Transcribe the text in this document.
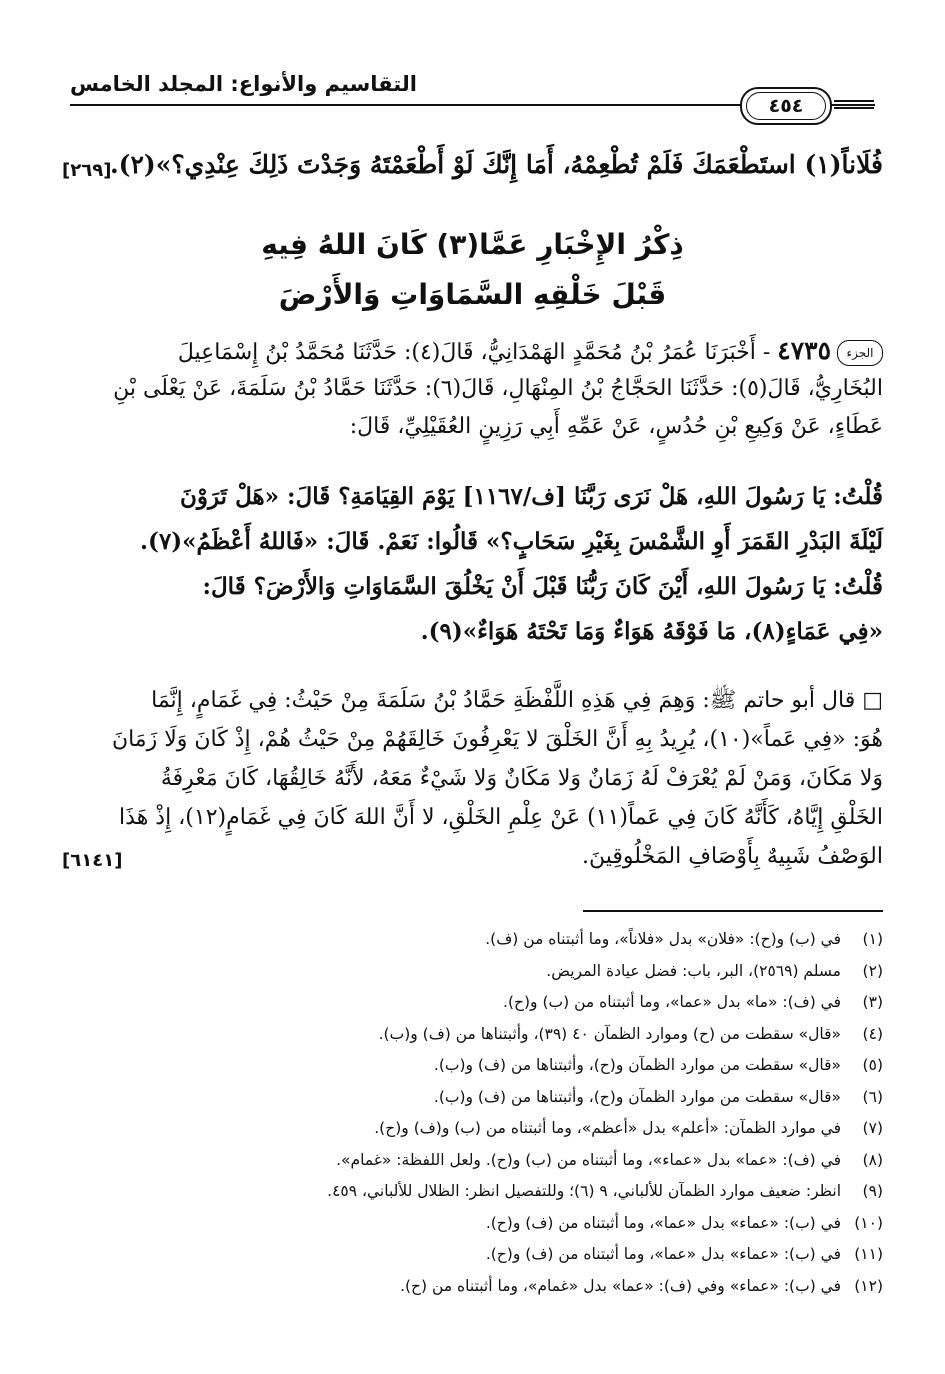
التقاسيم والأنواع: المجلد الخامس
٤٥٤
فُلَاناً(١) استَطْعَمَكَ فَلَمْ تُطْعِمْهُ، أَمَا إِنَّكَ لَوْ أَطْعَمْتَهُ وَجَدْتَ ذَلِكَ عِنْدِي؟»(٢).
[٢٦٩]
ذِكْرُ الإِخْبَارِ عَمَّا(٣) كَانَ اللهُ فِيهِ
قَبْلَ خَلْقِهِ السَّمَاوَاتِ وَالأَرْضَ
الجزء٤٧٣٥ - أَخْبَرَنَا عُمَرُ بْنُ مُحَمَّدٍ الهَمْدَانِيُّ، قَالَ(٤): حَدَّثَنَا مُحَمَّدُ بْنُ إِسْمَاعِيلَ
البُخَارِيُّ، قَالَ(٥): حَدَّثَنَا الحَجَّاجُ بْنُ المِنْهَالِ، قَالَ(٦): حَدَّثَنَا حَمَّادُ بْنُ سَلَمَةَ، عَنْ يَعْلَى بْنِ
عَطَاءٍ، عَنْ وَكِيعِ بْنِ حُدُسٍ، عَنْ عَمِّهِ أَبِي رَزِينٍ العُقَيْلِيِّ، قَالَ:
قُلْتُ: يَا رَسُولَ اللهِ، هَلْ نَرَى رَبَّنَا [ف/١١٦٧] يَوْمَ القِيَامَةِ؟ قَالَ: «هَلْ تَرَوْنَ
لَيْلَةَ البَدْرِ القَمَرَ أَوِ الشَّمْسَ بِغَيْرِ سَحَابٍ؟» قَالُوا: نَعَمْ. قَالَ: «فَاللهُ أَعْظَمُ»(٧).
قُلْتُ: يَا رَسُولَ اللهِ، أَيْنَ كَانَ رَبُّنَا قَبْلَ أَنْ يَخْلُقَ السَّمَاوَاتِ وَالأَرْضَ؟ قَالَ:
«فِي عَمَاءٍ(٨)، مَا فَوْقَهُ هَوَاءٌ وَمَا تَحْتَهُ هَوَاءٌ»(٩).
□ قال أبو حاتم ﷺ: وَهِمَ فِي هَذِهِ اللَّفْظَةِ حَمَّادُ بْنُ سَلَمَةَ مِنْ حَيْثُ: فِي غَمَامٍ، إِنَّمَا
هُوَ: «فِي عَماً»(١٠)، يُرِيدُ بِهِ أَنَّ الخَلْقَ لا يَعْرِفُونَ خَالِقَهُمْ مِنْ حَيْثُ هُمْ، إِذْ كَانَ وَلَا زَمَانَ
وَلا مَكَانَ، وَمَنْ لَمْ يُعْرَفْ لَهُ زَمَانٌ وَلا مَكَانٌ وَلا شَيْءٌ مَعَهُ، لأَنَّهُ خَالِقُهَا، كَانَ مَعْرِفَةُ
الخَلْقِ إِيَّاهُ، كَأَنَّهُ كَانَ فِي عَماً(١١) عَنْ عِلْمِ الخَلْقِ، لا أَنَّ اللهَ كَانَ فِي غَمَامٍ(١٢)، إِذْ هَذَا
الوَصْفُ شَبِيهٌ بِأَوْصَافِ المَخْلُوقِينَ.
[٦١٤١]
(١)في (ب) و(ح): «فلان» بدل «فلاناً»، وما أثبتناه من (ف).
(٢)مسلم (٢٥٦٩)، البر، باب: فضل عيادة المريض.
(٣)في (ف): «ما» بدل «عما»، وما أثبتناه من (ب) و(ح).
(٤)«قال» سقطت من (ح) وموارد الظمآن ٤٠ (٣٩)، وأثبتناها من (ف) و(ب).
(٥)«قال» سقطت من موارد الظمآن و(ح)، وأثبتناها من (ف) و(ب).
(٦)«قال» سقطت من موارد الظمآن و(ح)، وأثبتناها من (ف) و(ب).
(٧)في موارد الظمآن: «أعلم» بدل «أعظم»، وما أثبتناه من (ب) و(ف) و(ح).
(٨)في (ف): «عما» بدل «عماء»، وما أثبتناه من (ب) و(ح). ولعل اللفظة: «غمام».
(٩)انظر: ضعيف موارد الظمآن للألباني، ٩ (٦)؛ وللتفصيل انظر: الظلال للألباني، ٤٥٩.
(١٠)في (ب): «عماء» بدل «عما»، وما أثبتناه من (ف) و(ح).
(١١)في (ب): «عماء» بدل «عما»، وما أثبتناه من (ف) و(ح).
(١٢)في (ب): «عماء» وفي (ف): «عما» بدل «غمام»، وما أثبتناه من (ح).
